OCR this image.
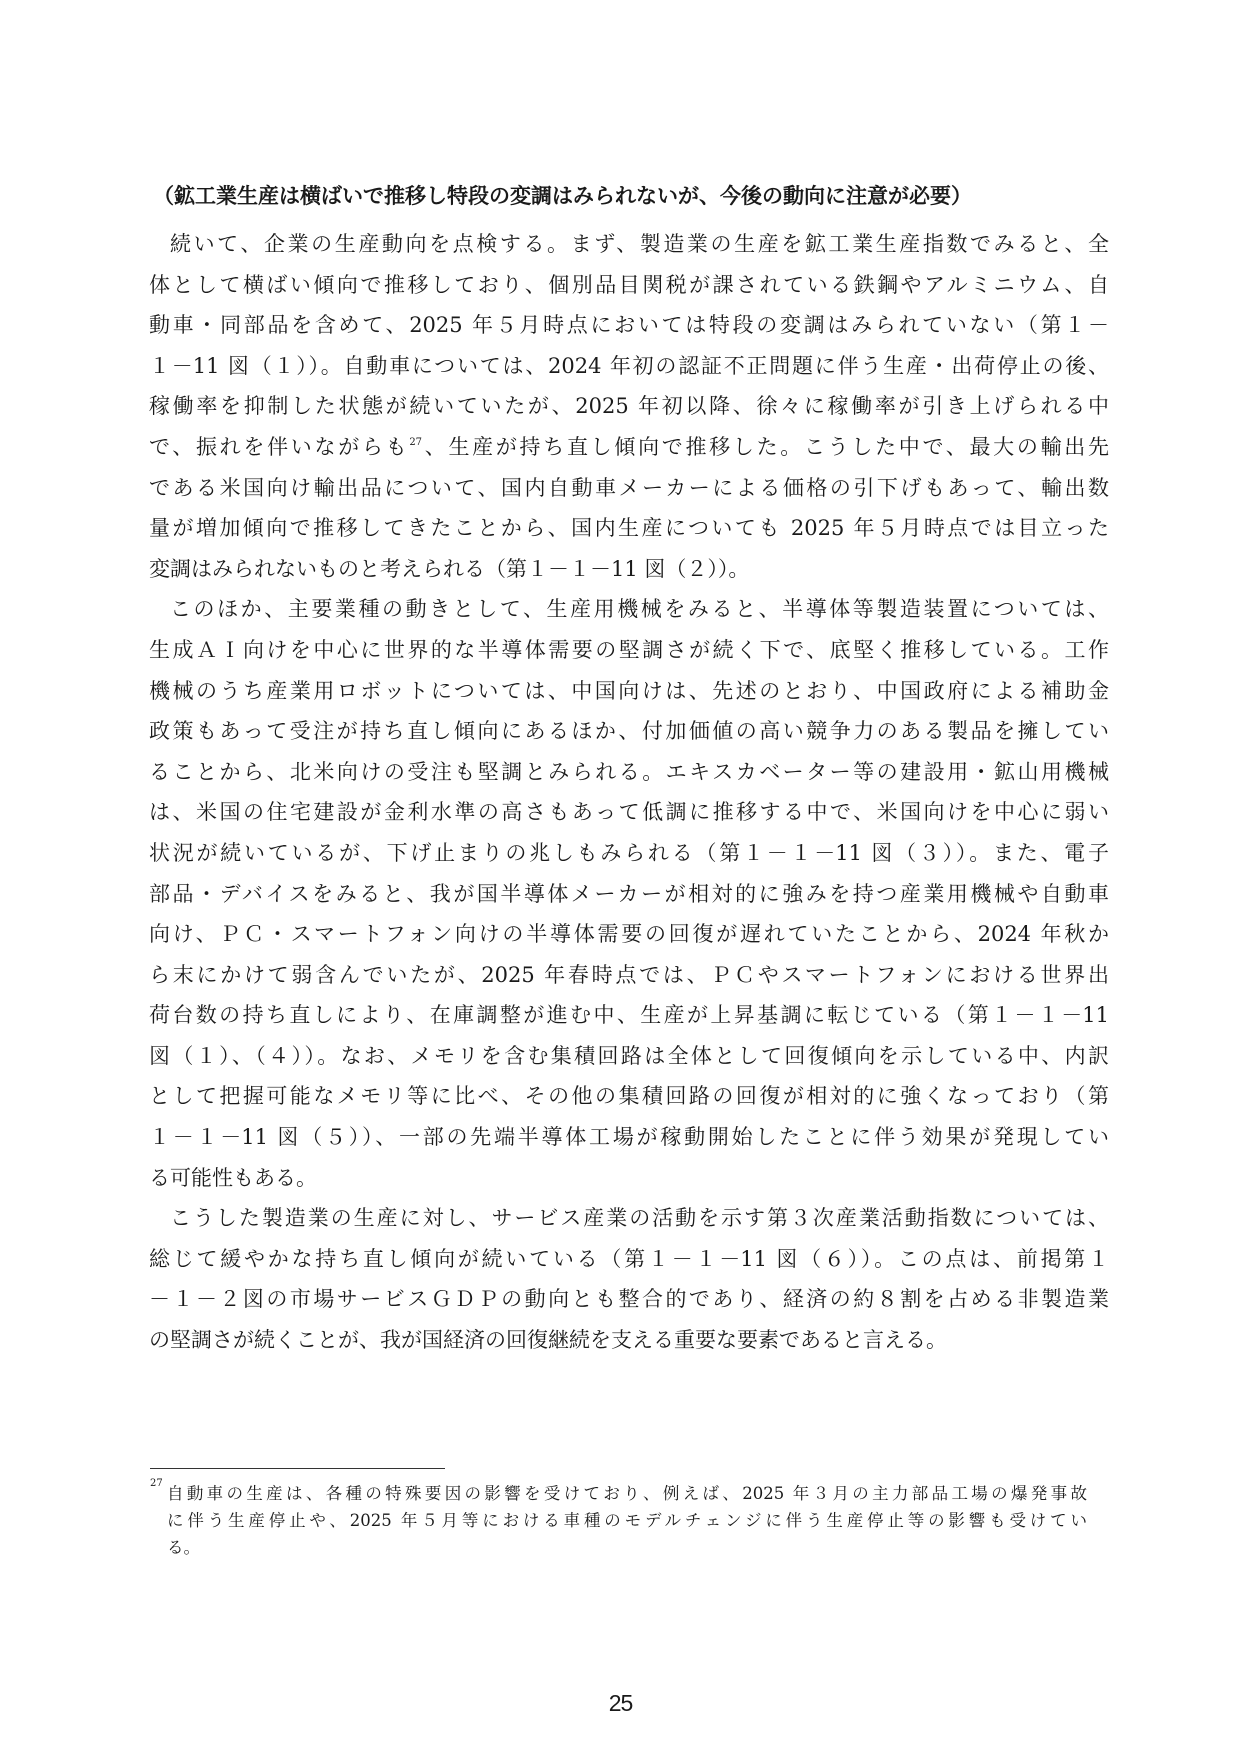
（鉱工業生産は横ばいで推移し特段の変調はみられないが、今後の動向に注意が必要）
続いて、企業の生産動向を点検する。まず、製造業の生産を鉱工業生産指数でみると、全
体として横ばい傾向で推移しており、個別品目関税が課されている鉄鋼やアルミニウム、自
動車・同部品を含めて、2025 年５月時点においては特段の変調はみられていない（第１－
１－11 図（１））。自動車については、2024 年初の認証不正問題に伴う生産・出荷停止の後、
稼働率を抑制した状態が続いていたが、2025 年初以降、徐々に稼働率が引き上げられる中
で、振れを伴いながらも$^{27}$、生産が持ち直し傾向で推移した。こうした中で、最大の輸出先
である米国向け輸出品について、国内自動車メーカーによる価格の引下げもあって、輸出数
量が増加傾向で推移してきたことから、国内生産についても 2025 年５月時点では目立った
変調はみられないものと考えられる（第１－１－11 図（２））。
このほか、主要業種の動きとして、生産用機械をみると、半導体等製造装置については、
生成ＡＩ向けを中心に世界的な半導体需要の堅調さが続く下で、底堅く推移している。工作
機械のうち産業用ロボットについては、中国向けは、先述のとおり、中国政府による補助金
政策もあって受注が持ち直し傾向にあるほか、付加価値の高い競争力のある製品を擁してい
ることから、北米向けの受注も堅調とみられる。エキスカベーター等の建設用・鉱山用機械
は、米国の住宅建設が金利水準の高さもあって低調に推移する中で、米国向けを中心に弱い
状況が続いているが、下げ止まりの兆しもみられる（第１－１－11 図（３））。また、電子
部品・デバイスをみると、我が国半導体メーカーが相対的に強みを持つ産業用機械や自動車
向け、ＰＣ・スマートフォン向けの半導体需要の回復が遅れていたことから、2024 年秋か
ら末にかけて弱含んでいたが、2025 年春時点では、ＰＣやスマートフォンにおける世界出
荷台数の持ち直しにより、在庫調整が進む中、生産が上昇基調に転じている（第１－１－11
図（１）、（４））。なお、メモリを含む集積回路は全体として回復傾向を示している中、内訳
として把握可能なメモリ等に比べ、その他の集積回路の回復が相対的に強くなっており（第
１－１－11 図（５））、一部の先端半導体工場が稼動開始したことに伴う効果が発現してい
る可能性もある。
こうした製造業の生産に対し、サービス産業の活動を示す第３次産業活動指数については、
総じて緩やかな持ち直し傾向が続いている（第１－１－11 図（６））。この点は、前掲第１
－１－２図の市場サービスＧＤＰの動向とも整合的であり、経済の約８割を占める非製造業
の堅調さが続くことが、我が国経済の回復継続を支える重要な要素であると言える。
27
自動車の生産は、各種の特殊要因の影響を受けており、例えば、2025 年３月の主力部品工場の爆発事故
に伴う生産停止や、2025 年５月等における車種のモデルチェンジに伴う生産停止等の影響も受けてい
る。
25
